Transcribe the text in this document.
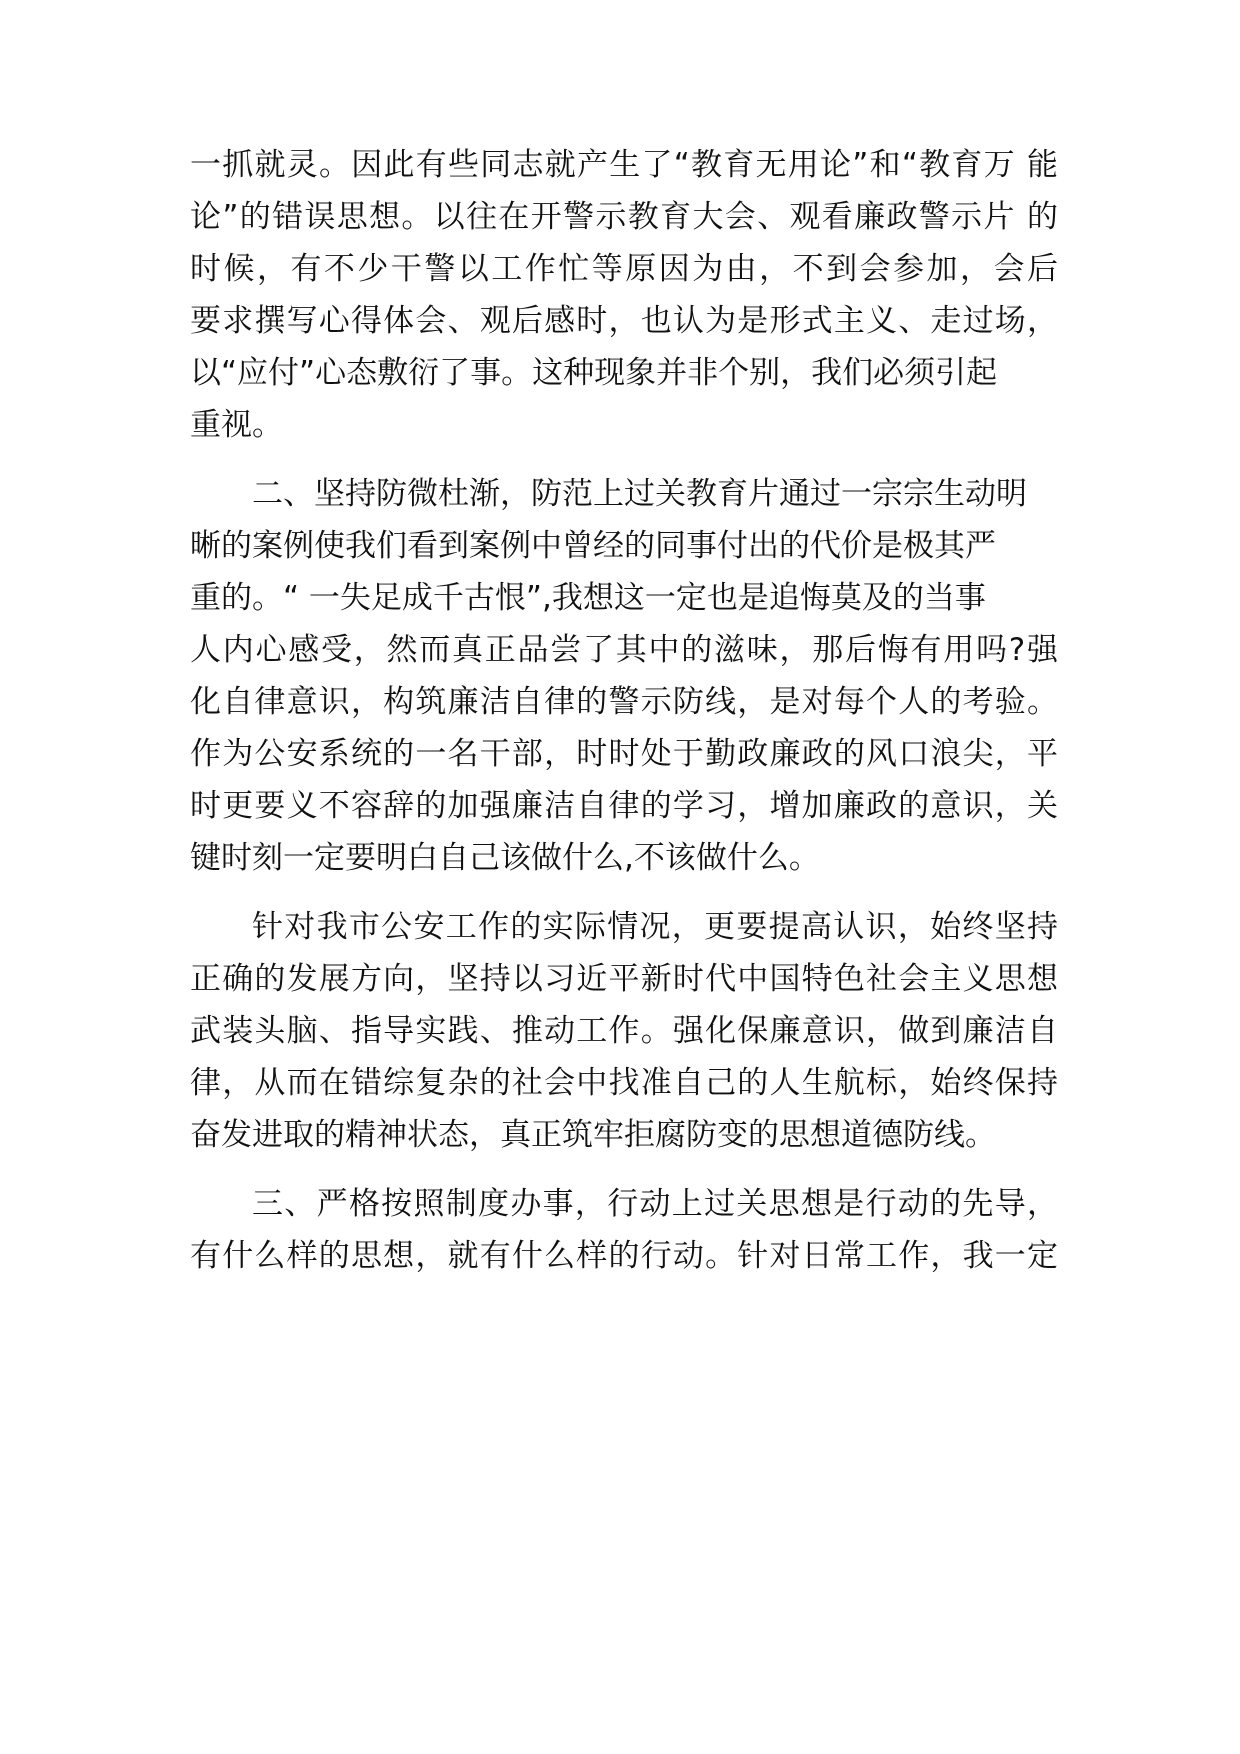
一抓就灵。因此有些同志就产生了“教育无用论”和“教育万 能
论”的错误思想。以往在开警示教育大会、观看廉政警示片 的
时候，有不少干警以工作忙等原因为由，不到会参加，会后
要求撰写心得体会、观后感时，也认为是形式主义、走过场，
以“应付”心态敷衍了事。这种现象并非个别，我们必须引起
重视。
二、坚持防微杜渐，防范上过关教育片通过一宗宗生动明
晰的案例使我们看到案例中曾经的同事付出的代价是极其严
重的。“ 一失足成千古恨”,我想这一定也是追悔莫及的当事
人内心感受，然而真正品尝了其中的滋味，那后悔有用吗?强
化自律意识，构筑廉洁自律的警示防线，是对每个人的考验。
作为公安系统的一名干部，时时处于勤政廉政的风口浪尖，平
时更要义不容辞的加强廉洁自律的学习，增加廉政的意识，关
键时刻一定要明白自己该做什么,不该做什么。
针对我市公安工作的实际情况，更要提高认识，始终坚持
正确的发展方向，坚持以习近平新时代中国特色社会主义思想
武装头脑、指导实践、推动工作。强化保廉意识，做到廉洁自
律，从而在错综复杂的社会中找准自己的人生航标，始终保持
奋发进取的精神状态，真正筑牢拒腐防变的思想道德防线。
三、严格按照制度办事，行动上过关思想是行动的先导，
有什么样的思想，就有什么样的行动。针对日常工作，我一定
